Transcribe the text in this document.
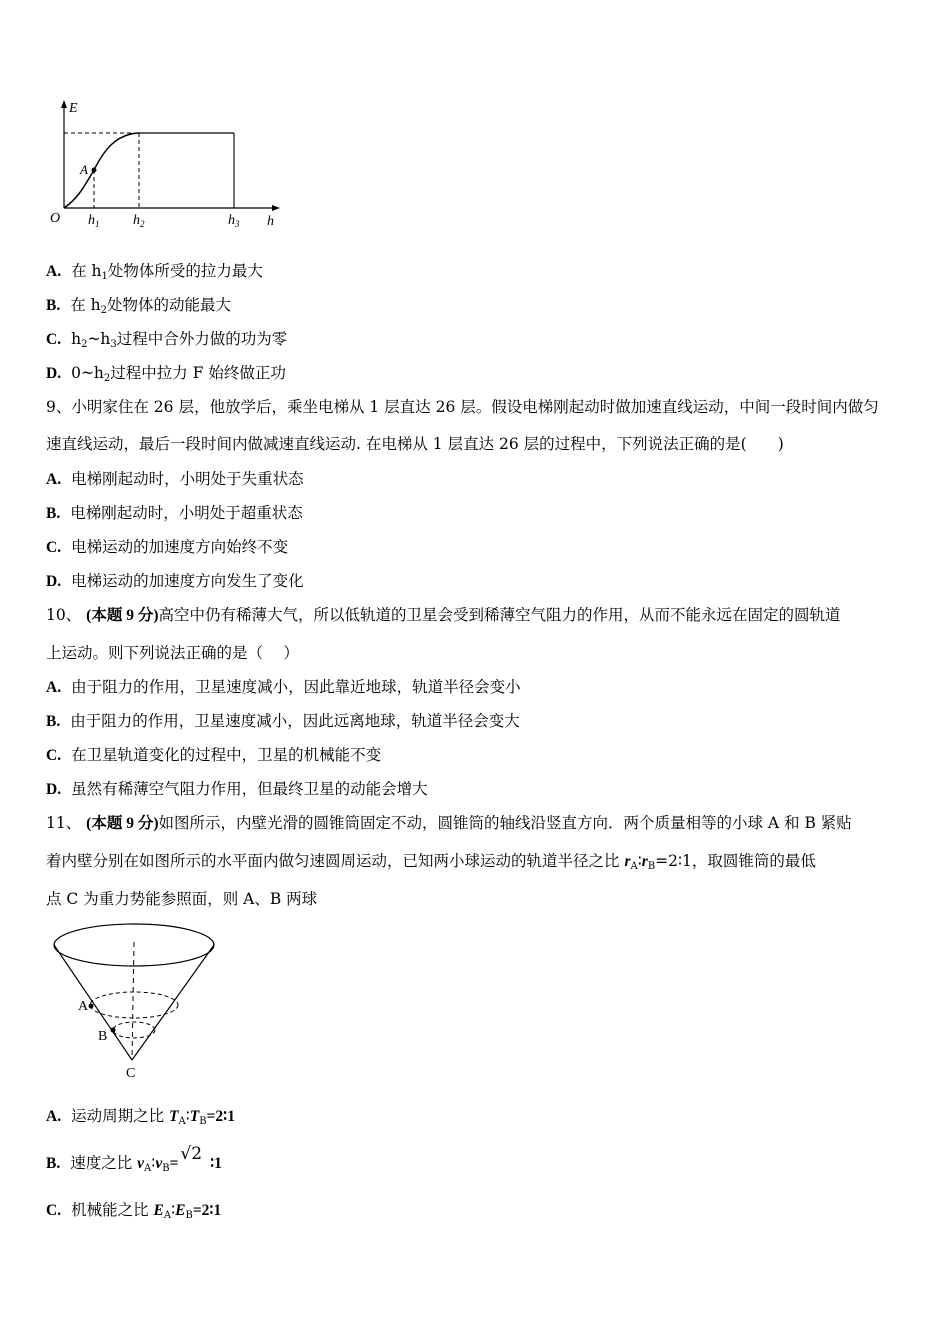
E
h
O
A
$h_1$ $h_2$	$h_3$
A. 在 $h_1$处物体所受的拉力最大
B. 在 $h_2$处物体的动能最大
C. $h_2\sim h_3$过程中合外力做的功为零
D. $0\sim h_2$过程中拉力 F 始终做正功
9、小明家住在 26 层，他放学后，乘坐电梯从 1 层直达 26 层。假设电梯刚起动时做加速直线运动，中间一段时间内做匀
速直线运动，最后一段时间内做减速直线运动. 在电梯从 1 层直达 26 层的过程中，下列说法正确的是(　　)
A. 电梯刚起动时，小明处于失重状态
B. 电梯刚起动时，小明处于超重状态
C. 电梯运动的加速度方向始终不变
D. 电梯运动的加速度方向发生了变化
10、 (本题 9 分)高空中仍有稀薄大气，所以低轨道的卫星会受到稀薄空气阻力的作用，从而不能永远在固定的圆轨道
上运动。则下列说法正确的是（　 ）
A. 由于阻力的作用，卫星速度减小，因此靠近地球，轨道半径会变小
B. 由于阻力的作用，卫星速度减小，因此远离地球，轨道半径会变大
C. 在卫星轨道变化的过程中，卫星的机械能不变
D. 虽然有稀薄空气阻力作用，但最终卫星的动能会增大
11、 (本题 9 分)如图所示，内壁光滑的圆锥筒固定不动，圆锥筒的轴线沿竖直方向．两个质量相等的小球 A 和 B 紧贴
着内壁分别在如图所示的水平面内做匀速圆周运动，已知两小球运动的轨道半径之比 $r_A∶r_B=2∶1$，取圆锥筒的最低
点 C 为重力势能参照面，则 A、B 两球
A
B
C
A. 运动周期之比 $T_A∶T_B=2∶1$
B. 速度之比 $v_A∶v_B= √2$ ∶1
C. 机械能之比 $E_A∶E_B=2∶1$
